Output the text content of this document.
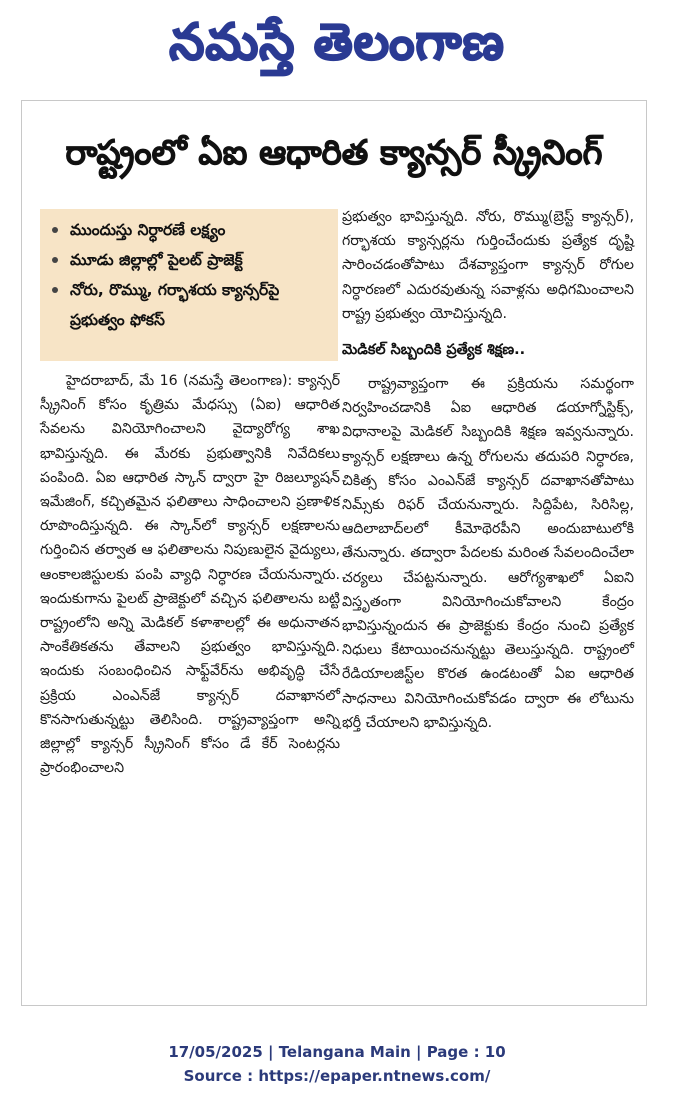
నమస్తే తెలంగాణ
రాష్ట్రంలో ఏఐ ఆధారిత క్యాన్సర్ స్క్రీనింగ్
ముందుస్తు నిర్ధారణే లక్ష్యం
మూడు జిల్లాల్లో పైలట్ ప్రాజెక్ట్
నోరు, రొమ్ము, గర్భాశయ క్యాన్సర్‌పై ప్రభుత్వం ఫోకస్

హైదరాబాద్, మే 16 (నమస్తే తెలంగాణ): క్యాన్సర్ స్క్రీనింగ్ కోసం కృత్రిమ మేధస్సు (ఏఐ) ఆధారిత సేవలను వినియోగించాలని వైద్యారోగ్య శాఖ భావిస్తున్నది. ఈ మేరకు ప్రభుత్వానికి నివేదికలు పంపింది. ఏఐ ఆధారిత స్కాన్ ద్వారా హై రిజల్యూషన్ ఇమేజింగ్, కచ్చితమైన ఫలితాలు సాధించాలని ప్రణాళిక రూపొందిస్తున్నది. ఈ స్కాన్‌లో క్యాన్సర్ లక్షణాలను గుర్తించిన తర్వాత ఆ ఫలితాలను నిపుణులైన వైద్యులు, ఆంకాలజిస్టులకు పంపి వ్యాధి నిర్ధారణ చేయనున్నారు. ఇందుకుగాను పైలట్ ప్రాజెక్టులో వచ్చిన ఫలితాలను బట్టి రాష్ట్రంలోని అన్ని మెడికల్ కళాశాలల్లో ఈ అధునాతన సాంకేతికతను తేవాలని ప్రభుత్వం భావిస్తున్నది. ఇందుకు సంబంధించిన సాఫ్ట్‌వేర్‌ను అభివృద్ధి చేసే ప్రక్రియ ఎంఎన్‌జే క్యాన్సర్ దవాఖానలో కొనసాగుతున్నట్టు తెలిసింది. రాష్ట్రవ్యాప్తంగా అన్ని జిల్లాల్లో క్యాన్సర్ స్క్రీనింగ్ కోసం డే కేర్ సెంటర్లను ప్రారంభించాలని

ప్రభుత్వం భావిస్తున్నది. నోరు, రొమ్ము(బ్రెస్ట్ క్యాన్సర్), గర్భాశయ క్యాన్సర్లను గుర్తించేందుకు ప్రత్యేక దృష్టి సారించడంతోపాటు దేశవ్యాప్తంగా క్యాన్సర్ రోగుల నిర్ధారణలో ఎదురవుతున్న సవాళ్లను అధిగమించాలని రాష్ట్ర ప్రభుత్వం యోచిస్తున్నది.

మెడికల్ సిబ్బందికి ప్రత్యేక శిక్షణ..

రాష్ట్రవ్యాప్తంగా ఈ ప్రక్రియను సమర్థంగా నిర్వహించడానికి ఏఐ ఆధారిత డయాగ్నోస్టిక్స్, విధానాలపై మెడికల్ సిబ్బందికి శిక్షణ ఇవ్వనున్నారు. క్యాన్సర్ లక్షణాలు ఉన్న రోగులను తదుపరి నిర్ధారణ, చికిత్స కోసం ఎంఎన్‌జే క్యాన్సర్ దవాఖానతోపాటు నిమ్స్‌కు రిఫర్ చేయనున్నారు. సిద్దిపేట, సిరిసిల్ల, ఆదిలాబాద్‌లలో కీమోథెరపీని అందుబాటులోకి తేనున్నారు. తద్వారా పేదలకు మరింత సేవలందించేలా చర్యలు చేపట్టనున్నారు. ఆరోగ్యశాఖలో ఏఐని విస్తృతంగా వినియోగించుకోవాలని కేంద్రం భావిస్తున్నందున ఈ ప్రాజెక్టుకు కేంద్రం నుంచి ప్రత్యేక నిధులు కేటాయించనున్నట్టు తెలుస్తున్నది. రాష్ట్రంలో రేడియాలజిస్ట్‌ల కొరత ఉండటంతో ఏఐ ఆధారిత సాధనాలు వినియోగించుకోవడం ద్వారా ఈ లోటును భర్తీ చేయాలని భావిస్తున్నది.

17/05/2025 | Telangana Main | Page : 10
Source : https://epaper.ntnews.com/
